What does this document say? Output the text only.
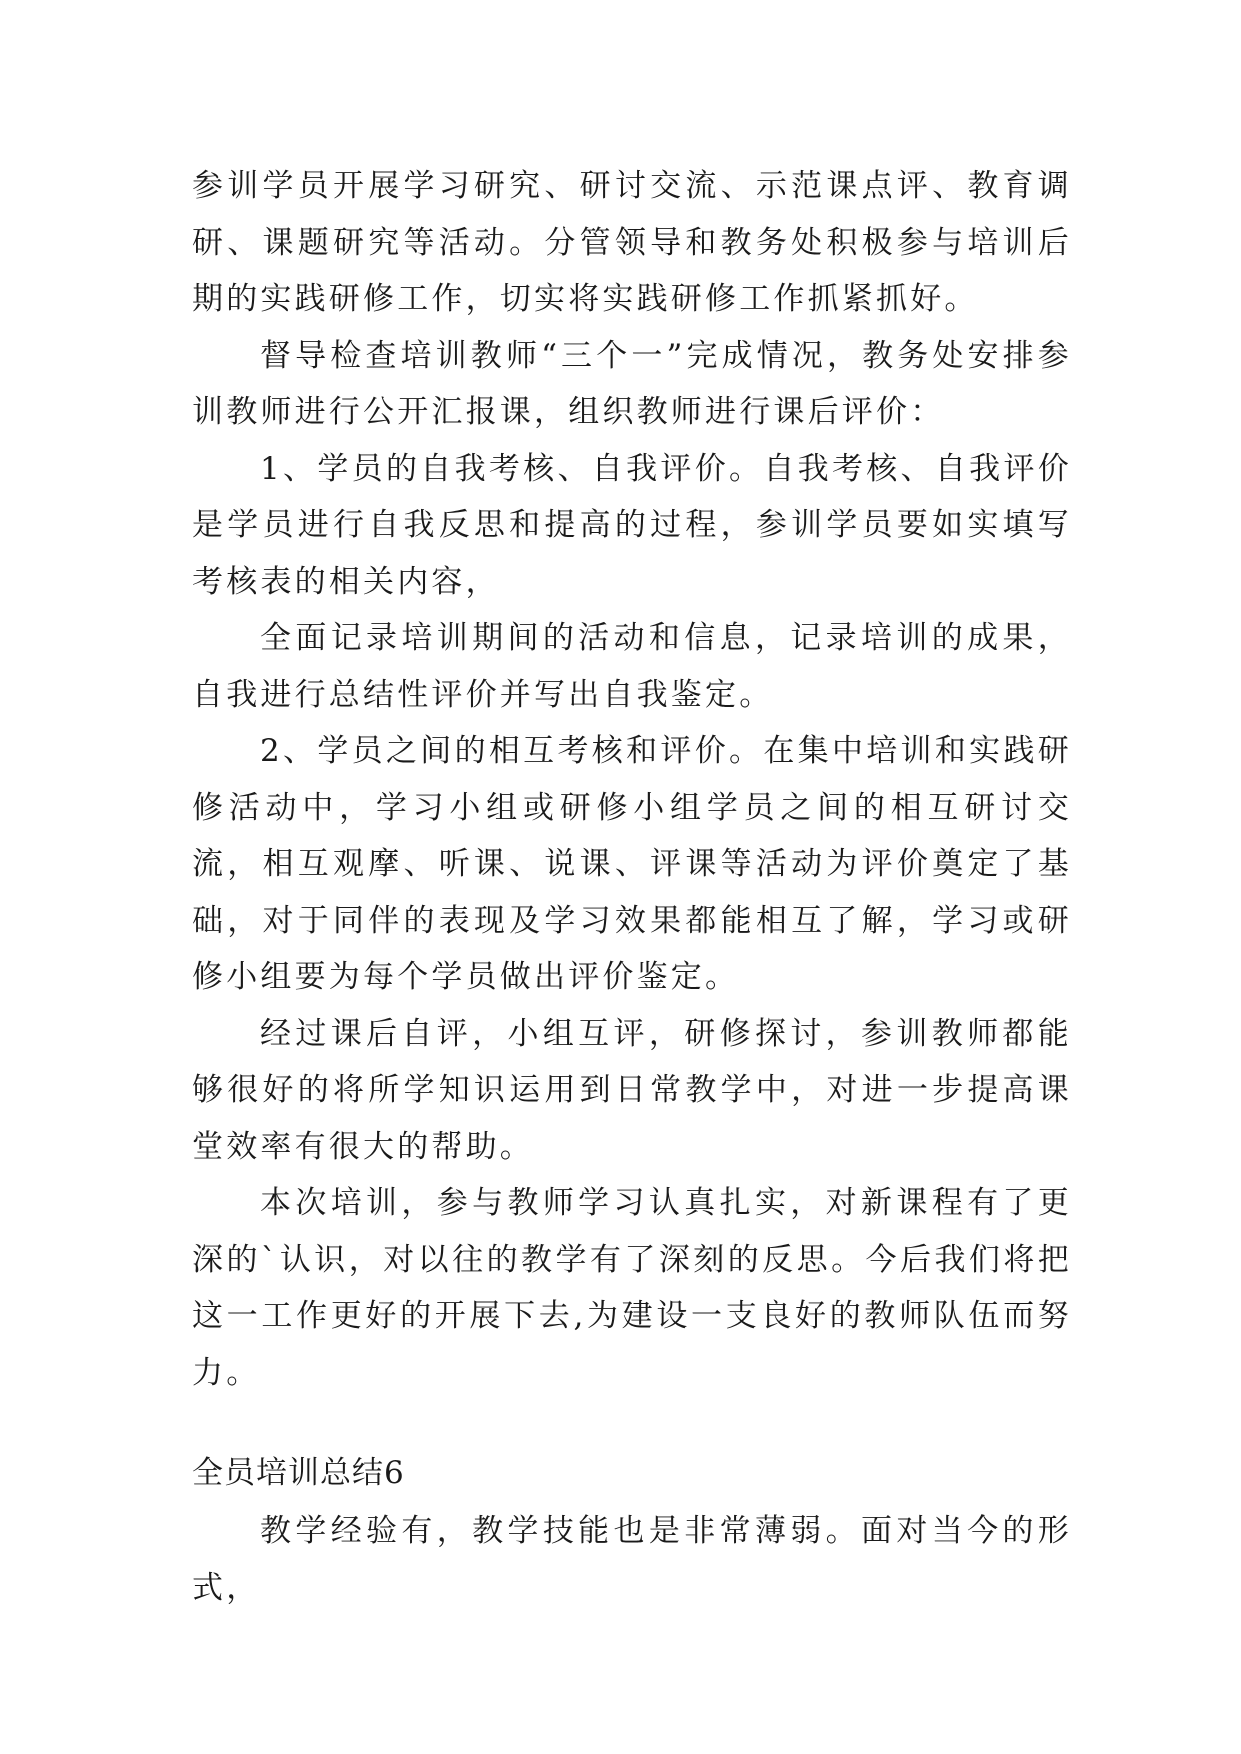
参训学员开展学习研究、研讨交流、示范课点评、教育调研、课题研究等活动。分管领导和教务处积极参与培训后期的实践研修工作，切实将实践研修工作抓紧抓好。

督导检查培训教师“三个一”完成情况，教务处安排参训教师进行公开汇报课，组织教师进行课后评价：

1、学员的自我考核、自我评价。自我考核、自我评价是学员进行自我反思和提高的过程，参训学员要如实填写考核表的相关内容，

全面记录培训期间的活动和信息，记录培训的成果，自我进行总结性评价并写出自我鉴定。

2、学员之间的相互考核和评价。在集中培训和实践研修活动中，学习小组或研修小组学员之间的相互研讨交流，相互观摩、听课、说课、评课等活动为评价奠定了基础，对于同伴的表现及学习效果都能相互了解，学习或研修小组要为每个学员做出评价鉴定。

经过课后自评，小组互评，研修探讨，参训教师都能够很好的将所学知识运用到日常教学中，对进一步提高课堂效率有很大的帮助。

本次培训，参与教师学习认真扎实，对新课程有了更深的`认识，对以往的教学有了深刻的反思。今后我们将把这一工作更好的开展下去,为建设一支良好的教师队伍而努力。

全员培训总结6

教学经验有，教学技能也是非常薄弱。面对当今的形式，
